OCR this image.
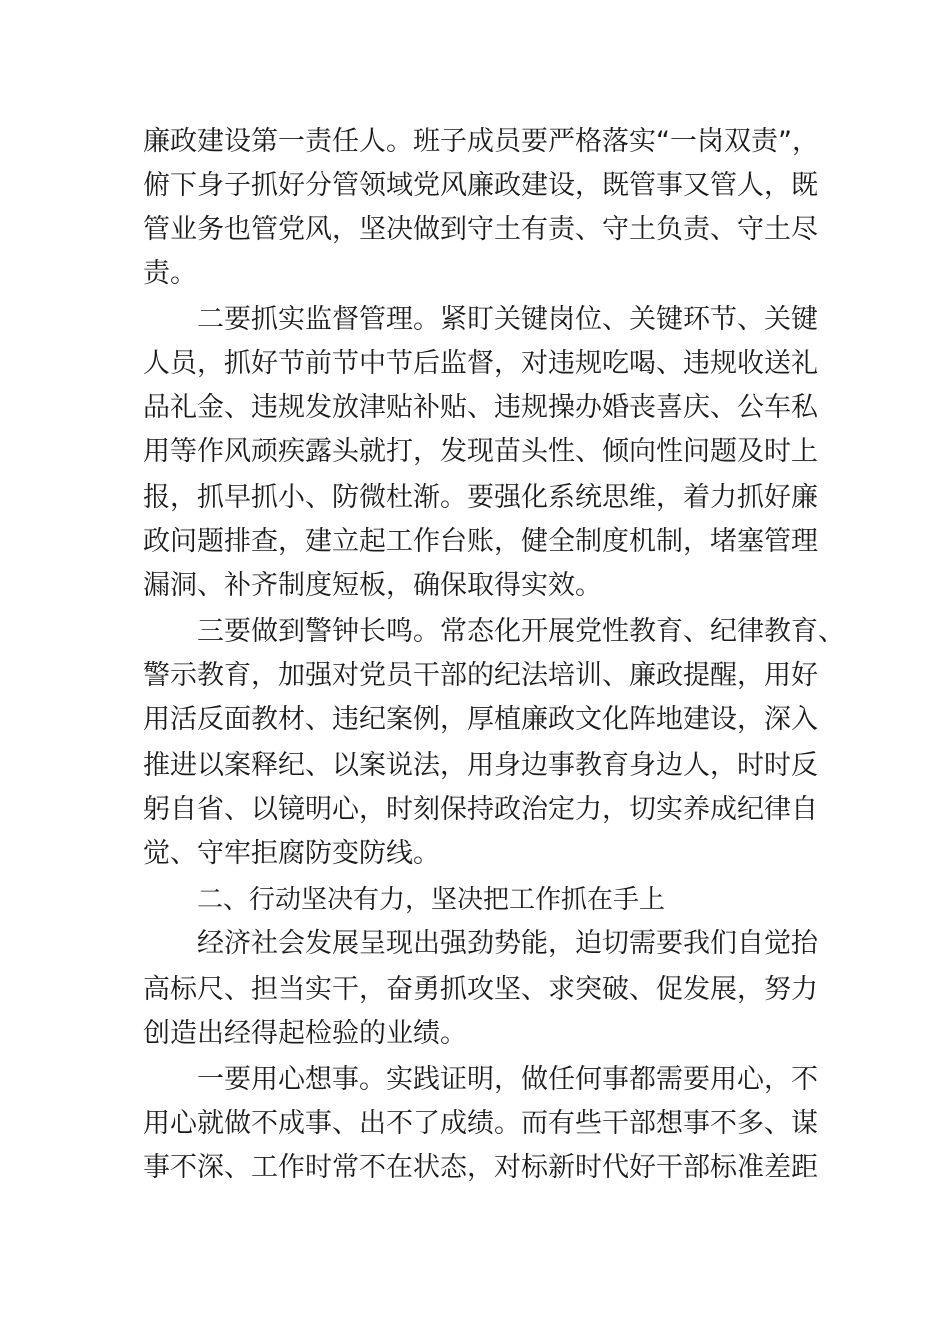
廉政建设第一责任人。班子成员要严格落实“一岗双责”，
俯下身子抓好分管领域党风廉政建设，既管事又管人，既
管业务也管党风，坚决做到守土有责、守土负责、守土尽
责。
二要抓实监督管理。紧盯关键岗位、关键环节、关键
人员，抓好节前节中节后监督，对违规吃喝、违规收送礼
品礼金、违规发放津贴补贴、违规操办婚丧喜庆、公车私
用等作风顽疾露头就打，发现苗头性、倾向性问题及时上
报，抓早抓小、防微杜渐。要强化系统思维，着力抓好廉
政问题排查，建立起工作台账，健全制度机制，堵塞管理
漏洞、补齐制度短板，确保取得实效。
三要做到警钟长鸣。常态化开展党性教育、纪律教育、
警示教育，加强对党员干部的纪法培训、廉政提醒，用好
用活反面教材、违纪案例，厚植廉政文化阵地建设，深入
推进以案释纪、以案说法，用身边事教育身边人，时时反
躬自省、以镜明心，时刻保持政治定力，切实养成纪律自
觉、守牢拒腐防变防线。
二、行动坚决有力，坚决把工作抓在手上
经济社会发展呈现出强劲势能，迫切需要我们自觉抬
高标尺、担当实干，奋勇抓攻坚、求突破、促发展，努力
创造出经得起检验的业绩。
一要用心想事。实践证明，做任何事都需要用心，不
用心就做不成事、出不了成绩。而有些干部想事不多、谋
事不深、工作时常不在状态，对标新时代好干部标准差距
